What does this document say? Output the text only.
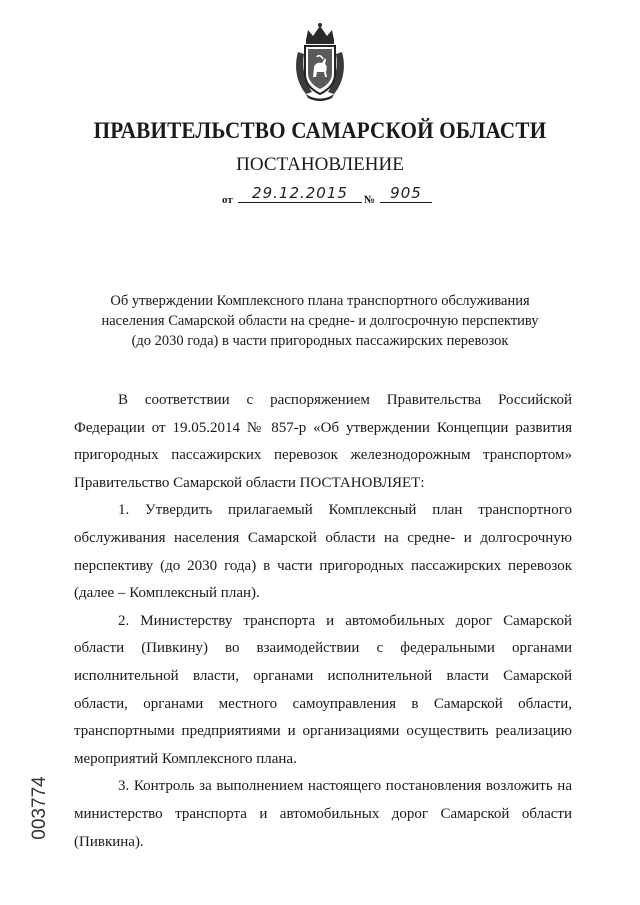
ПРАВИТЕЛЬСТВО САМАРСКОЙ ОБЛАСТИ
ПОСТАНОВЛЕНИЕ
от	29.12.2015	№	905
Об утверждении Комплексного плана транспортного обслуживания населения Самарской области на средне- и долгосрочную перспективу (до 2030 года) в части пригородных пассажирских перевозок

В соответствии с распоряжением Правительства Российской Федерации от 19.05.2014 № 857-р «Об утверждении Концепции развития пригородных пассажирских перевозок железнодорожным транспортом» Правительство Самарской области ПОСТАНОВЛЯЕТ:

1. Утвердить прилагаемый Комплексный план транспортного обслуживания населения Самарской области на средне- и долгосрочную перспективу (до 2030 года) в части пригородных пассажирских перевозок (далее – Комплексный план).

2. Министерству транспорта и автомобильных дорог Самарской области (Пивкину) во взаимодействии с федеральными органами исполнительной власти, органами исполнительной власти Самарской области, органами местного самоуправления в Самарской области, транспортными предприятиями и организациями осуществить реализацию мероприятий Комплексного плана.

3. Контроль за выполнением настоящего постановления возложить на министерство транспорта и автомобильных дорог Самарской области (Пивкина).

003774
